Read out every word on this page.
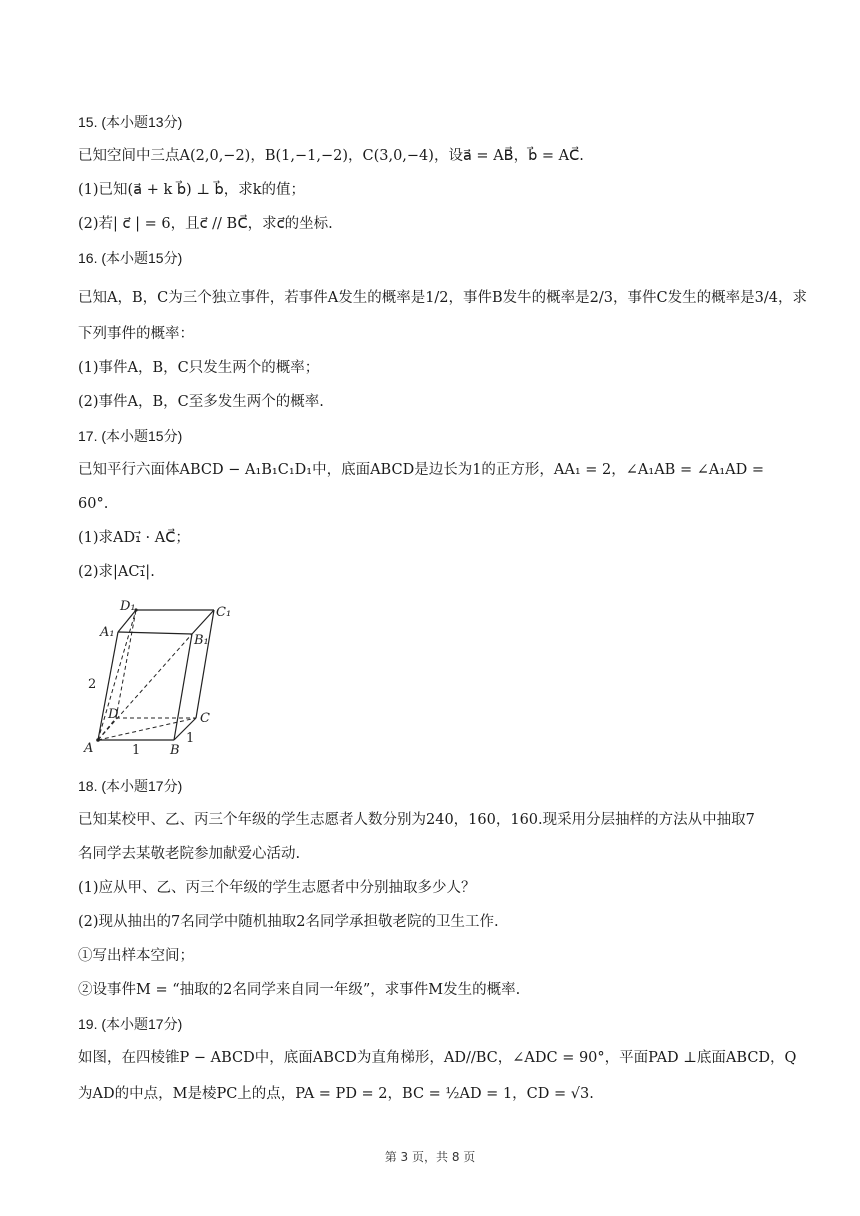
15. (本小题13分)
已知空间中三点A(2,0,−2)，B(1,−1,−2)，C(3,0,−4)，设a⃗ = AB⃗，b⃗ = AC⃗.
(1)已知(a⃗ + k b⃗) ⊥ b⃗，求k的值；
(2)若| c⃗ | = 6，且c⃗ // BC⃗，求c⃗的坐标.
16. (本小题15分)
已知A，B，C为三个独立事件，若事件A发生的概率是1/2，事件B发牛的概率是2/3，事件C发生的概率是3/4，求
下列事件的概率：
(1)事件A，B，C只发生两个的概率；
(2)事件A，B，C至多发生两个的概率.
17. (本小题15分)
已知平行六面体ABCD − A₁B₁C₁D₁中，底面ABCD是边长为1的正方形，AA₁ = 2，∠A₁AB = ∠A₁AD =
60°.
(1)求AD₁⃗ · AC⃗；
(2)求|AC₁⃗|.
D₁	C₁
A₁
B₁
D	C
A	B
2
1
1
18. (本小题17分)
已知某校甲、乙、丙三个年级的学生志愿者人数分别为240，160，160.现采用分层抽样的方法从中抽取7
名同学去某敬老院参加献爱心活动.
(1)应从甲、乙、丙三个年级的学生志愿者中分别抽取多少人？
(2)现从抽出的7名同学中随机抽取2名同学承担敬老院的卫生工作.
①写出样本空间；
②设事件M = “抽取的2名同学来自同一年级”，求事件M发生的概率.
19. (本小题17分)
如图，在四棱锥P − ABCD中，底面ABCD为直角梯形，AD//BC，∠ADC = 90°，平面PAD ⊥底面ABCD，Q
为AD的中点，M是棱PC上的点，PA = PD = 2，BC = ½AD = 1，CD = √3.
第 3 页，共 8 页
